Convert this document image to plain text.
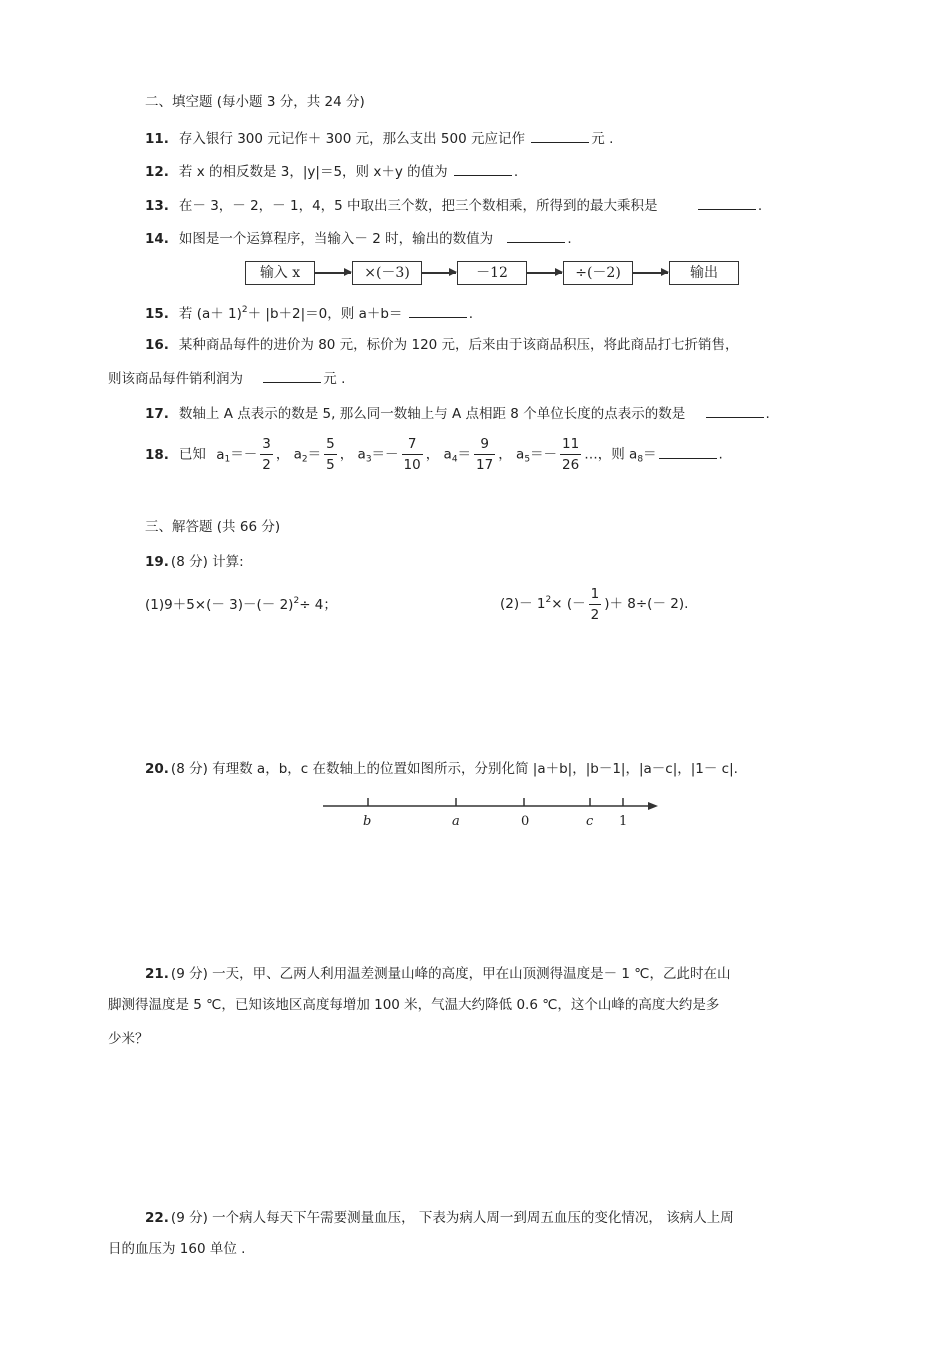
二、填空题 (每小题 3 分，共 24 分)
11. 存入银行 300 元记作＋ 300 元，那么支出 500 元应记作	元 .
12. 若 x 的相反数是 3，|y|＝5，则 x＋y 的值为	.
13. 在－ 3，－ 2，－ 1，4，5 中取出三个数，把三个数相乘，所得到的最大乘积是	.
14. 如图是一个运算程序，当输入－ 2 时，输出的数值为	.
输入 x	×(－3)	－12	÷(－2)	输出
15. 若 $(a+ 1)^2+ |b+2|=0$，则 a＋b＝	.
16. 某种商品每件的进价为 80 元，标价为 120 元，后来由于该商品积压，将此商品打七折销售，
则该商品每件销利润为	元 .
17. 数轴上 A 点表示的数是 5, 那么同一数轴上与 A 点相距 8 个单位长度的点表示的数是	.
18. 已知 $a_1=- \frac{3}{2}$ ， $a_2= \frac{5}{5}$ ， $a_3=- \frac{7}{10}$ ， $a_4= \frac{9}{17}$ ， $a_5=- \frac{11}{26}$ …，则 $a_8=$	.
三、解答题 (共 66 分)
19. (8 分) 计算:
$(1)9+5\times(- 3)-(- 2)^2\div 4$；	$(2)- 1^2\times$ (－ $\frac{1}{2}$ )＋ 8÷(－ 2).
20. (8 分) 有理数 a，b，c 在数轴上的位置如图所示，分别化简 |a＋b|，|b－1|，|a－c|，|1－ c|.
b	a	0	c 1
21. (9 分) 一天，甲、乙两人利用温差测量山峰的高度，甲在山顶测得温度是－ 1 ℃，乙此时在山
脚测得温度是 5 ℃，已知该地区高度每增加 100 米，气温大约降低 0.6 ℃，这个山峰的高度大约是多
少米？
22. (9 分) 一个病人每天下午需要测量血压， 下表为病人周一到周五血压的变化情况， 该病人上周
日的血压为 160 单位 .
